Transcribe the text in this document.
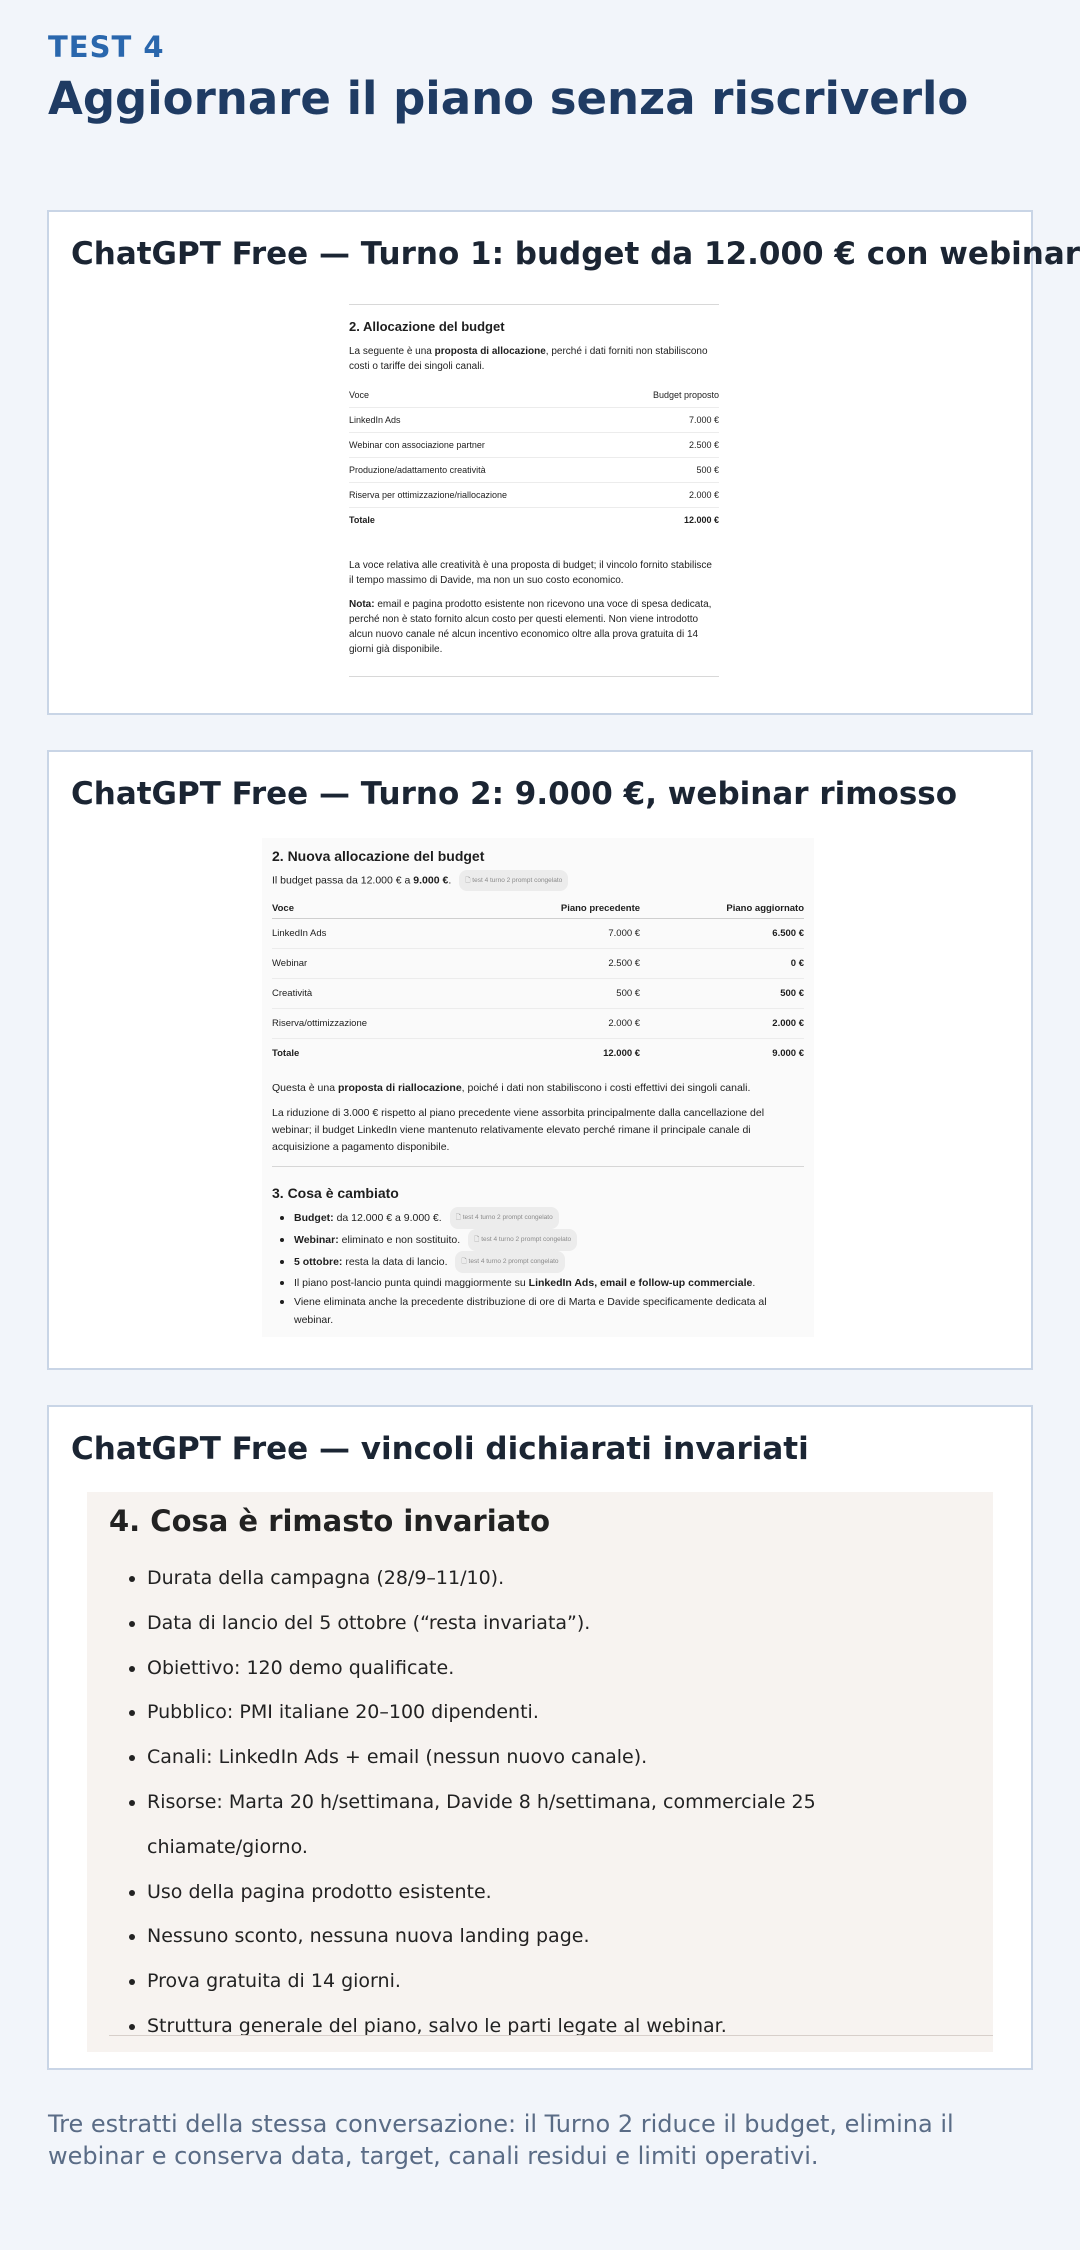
TEST 4
Aggiornare il piano senza riscriverlo
ChatGPT Free — Turno 1: budget da 12.000 € con webinar
2. Allocazione del budget

La seguente è una proposta di allocazione, perché i dati forniti non stabiliscono costi o tariffe dei singoli canali.

Voce	Budget proposto
LinkedIn Ads	7.000 €
Webinar con associazione partner	2.500 €
Produzione/adattamento creatività	500 €
Riserva per ottimizzazione/riallocazione	2.000 €
Totale	12.000 €

La voce relativa alle creatività è una proposta di budget; il vincolo fornito stabilisce il tempo massimo di Davide, ma non un suo costo economico.

Nota: email e pagina prodotto esistente non ricevono una voce di spesa dedicata, perché non è stato fornito alcun costo per questi elementi. Non viene introdotto alcun nuovo canale né alcun incentivo economico oltre alla prova gratuita di 14 giorni già disponibile.

ChatGPT Free — Turno 2: 9.000 €, webinar rimosso
2. Nuova allocazione del budget

Il budget passa da 12.000 € a 9.000 €. 🗋 test 4 turno 2 prompt congelato

Voce	Piano precedente	Piano aggiornato
LinkedIn Ads	7.000 €	6.500 €
Webinar	2.500 €	0 €
Creatività	500 €	500 €
Riserva/ottimizzazione	2.000 €	2.000 €
Totale	12.000 €	9.000 €

Questa è una proposta di riallocazione, poiché i dati non stabiliscono i costi effettivi dei singoli canali.

La riduzione di 3.000 € rispetto al piano precedente viene assorbita principalmente dalla cancellazione del webinar; il budget LinkedIn viene mantenuto relativamente elevato perché rimane il principale canale di acquisizione a pagamento disponibile.

3. Cosa è cambiato
• Budget: da 12.000 € a 9.000 €. 🗋 test 4 turno 2 prompt congelato
• Webinar: eliminato e non sostituito. 🗋 test 4 turno 2 prompt congelato
• 5 ottobre: resta la data di lancio. 🗋 test 4 turno 2 prompt congelato
• Il piano post-lancio punta quindi maggiormente su LinkedIn Ads, email e follow-up commerciale.
• Viene eliminata anche la precedente distribuzione di ore di Marta e Davide specificamente dedicata al webinar.
ChatGPT Free — vincoli dichiarati invariati
4. Cosa è rimasto invariato
• Durata della campagna (28/9–11/10).
• Data di lancio del 5 ottobre (“resta invariata”).
• Obiettivo: 120 demo qualificate.
• Pubblico: PMI italiane 20–100 dipendenti.
• Canali: LinkedIn Ads + email (nessun nuovo canale).
• Risorse: Marta 20 h/settimana, Davide 8 h/settimana, commerciale 25 chiamate/giorno.
• Uso della pagina prodotto esistente.
• Nessuno sconto, nessuna nuova landing page.
• Prova gratuita di 14 giorni.
• Struttura generale del piano, salvo le parti legate al webinar.

Tre estratti della stessa conversazione: il Turno 2 riduce il budget, elimina il webinar e conserva data, target, canali residui e limiti operativi.
